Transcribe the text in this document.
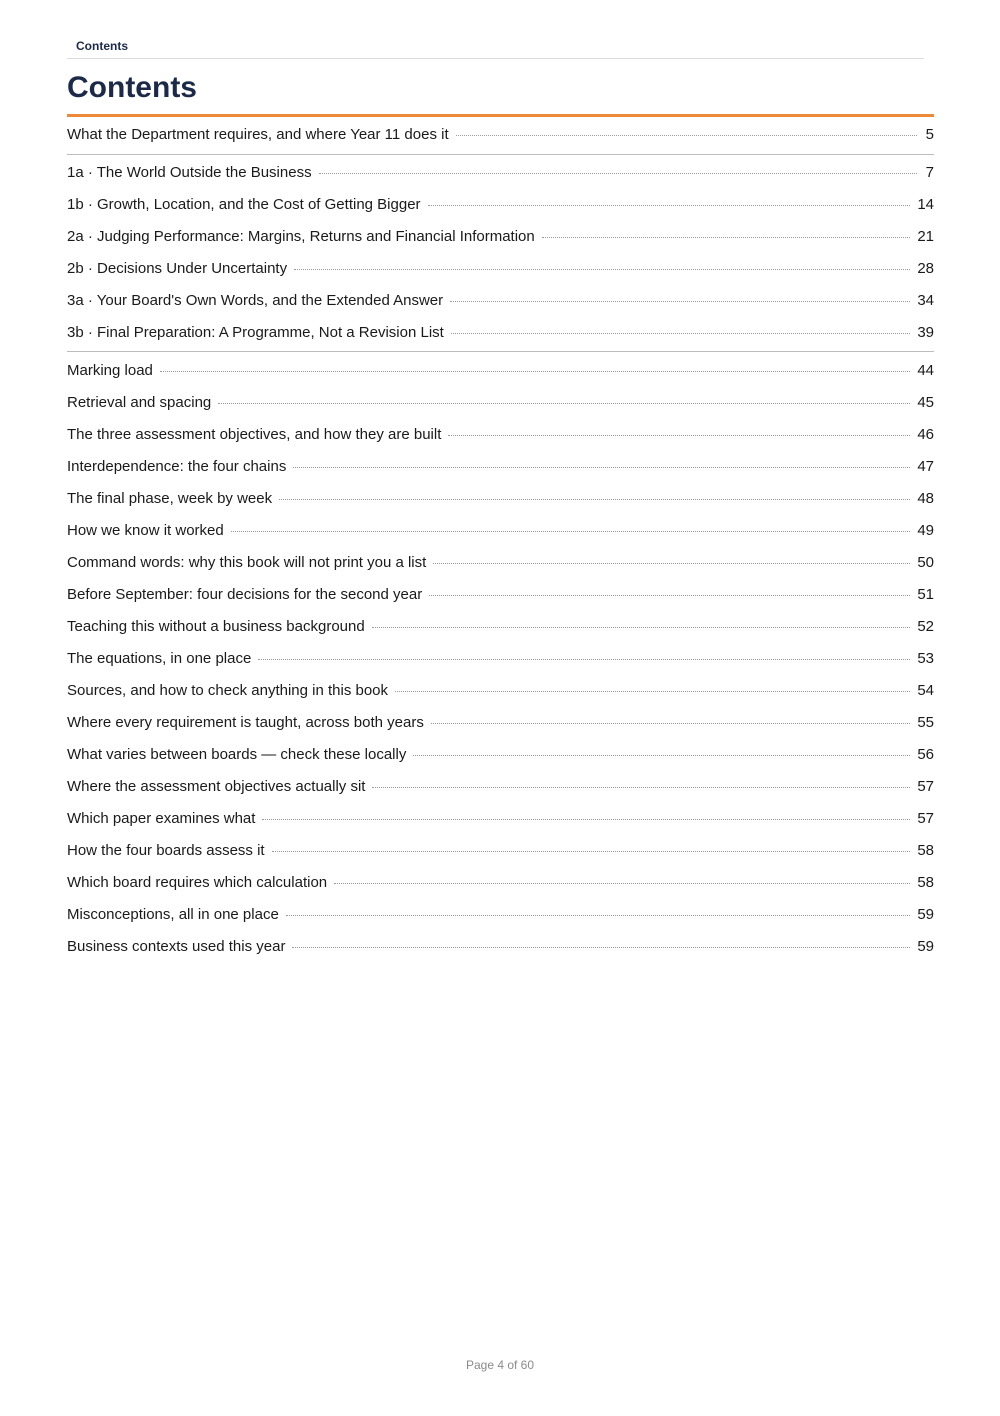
Contents
Contents
What the Department requires, and where Year 11 does it	5
1a · The World Outside the Business	7
1b · Growth, Location, and the Cost of Getting Bigger	14
2a · Judging Performance: Margins, Returns and Financial Information	21
2b · Decisions Under Uncertainty	28
3a · Your Board's Own Words, and the Extended Answer	34
3b · Final Preparation: A Programme, Not a Revision List	39
Marking load	44
Retrieval and spacing	45
The three assessment objectives, and how they are built	46
Interdependence: the four chains	47
The final phase, week by week	48
How we know it worked	49
Command words: why this book will not print you a list	50
Before September: four decisions for the second year	51
Teaching this without a business background	52
The equations, in one place	53
Sources, and how to check anything in this book	54
Where every requirement is taught, across both years	55
What varies between boards — check these locally	56
Where the assessment objectives actually sit	57
Which paper examines what	57
How the four boards assess it	58
Which board requires which calculation	58
Misconceptions, all in one place	59
Business contexts used this year	59
Page 4 of 60
